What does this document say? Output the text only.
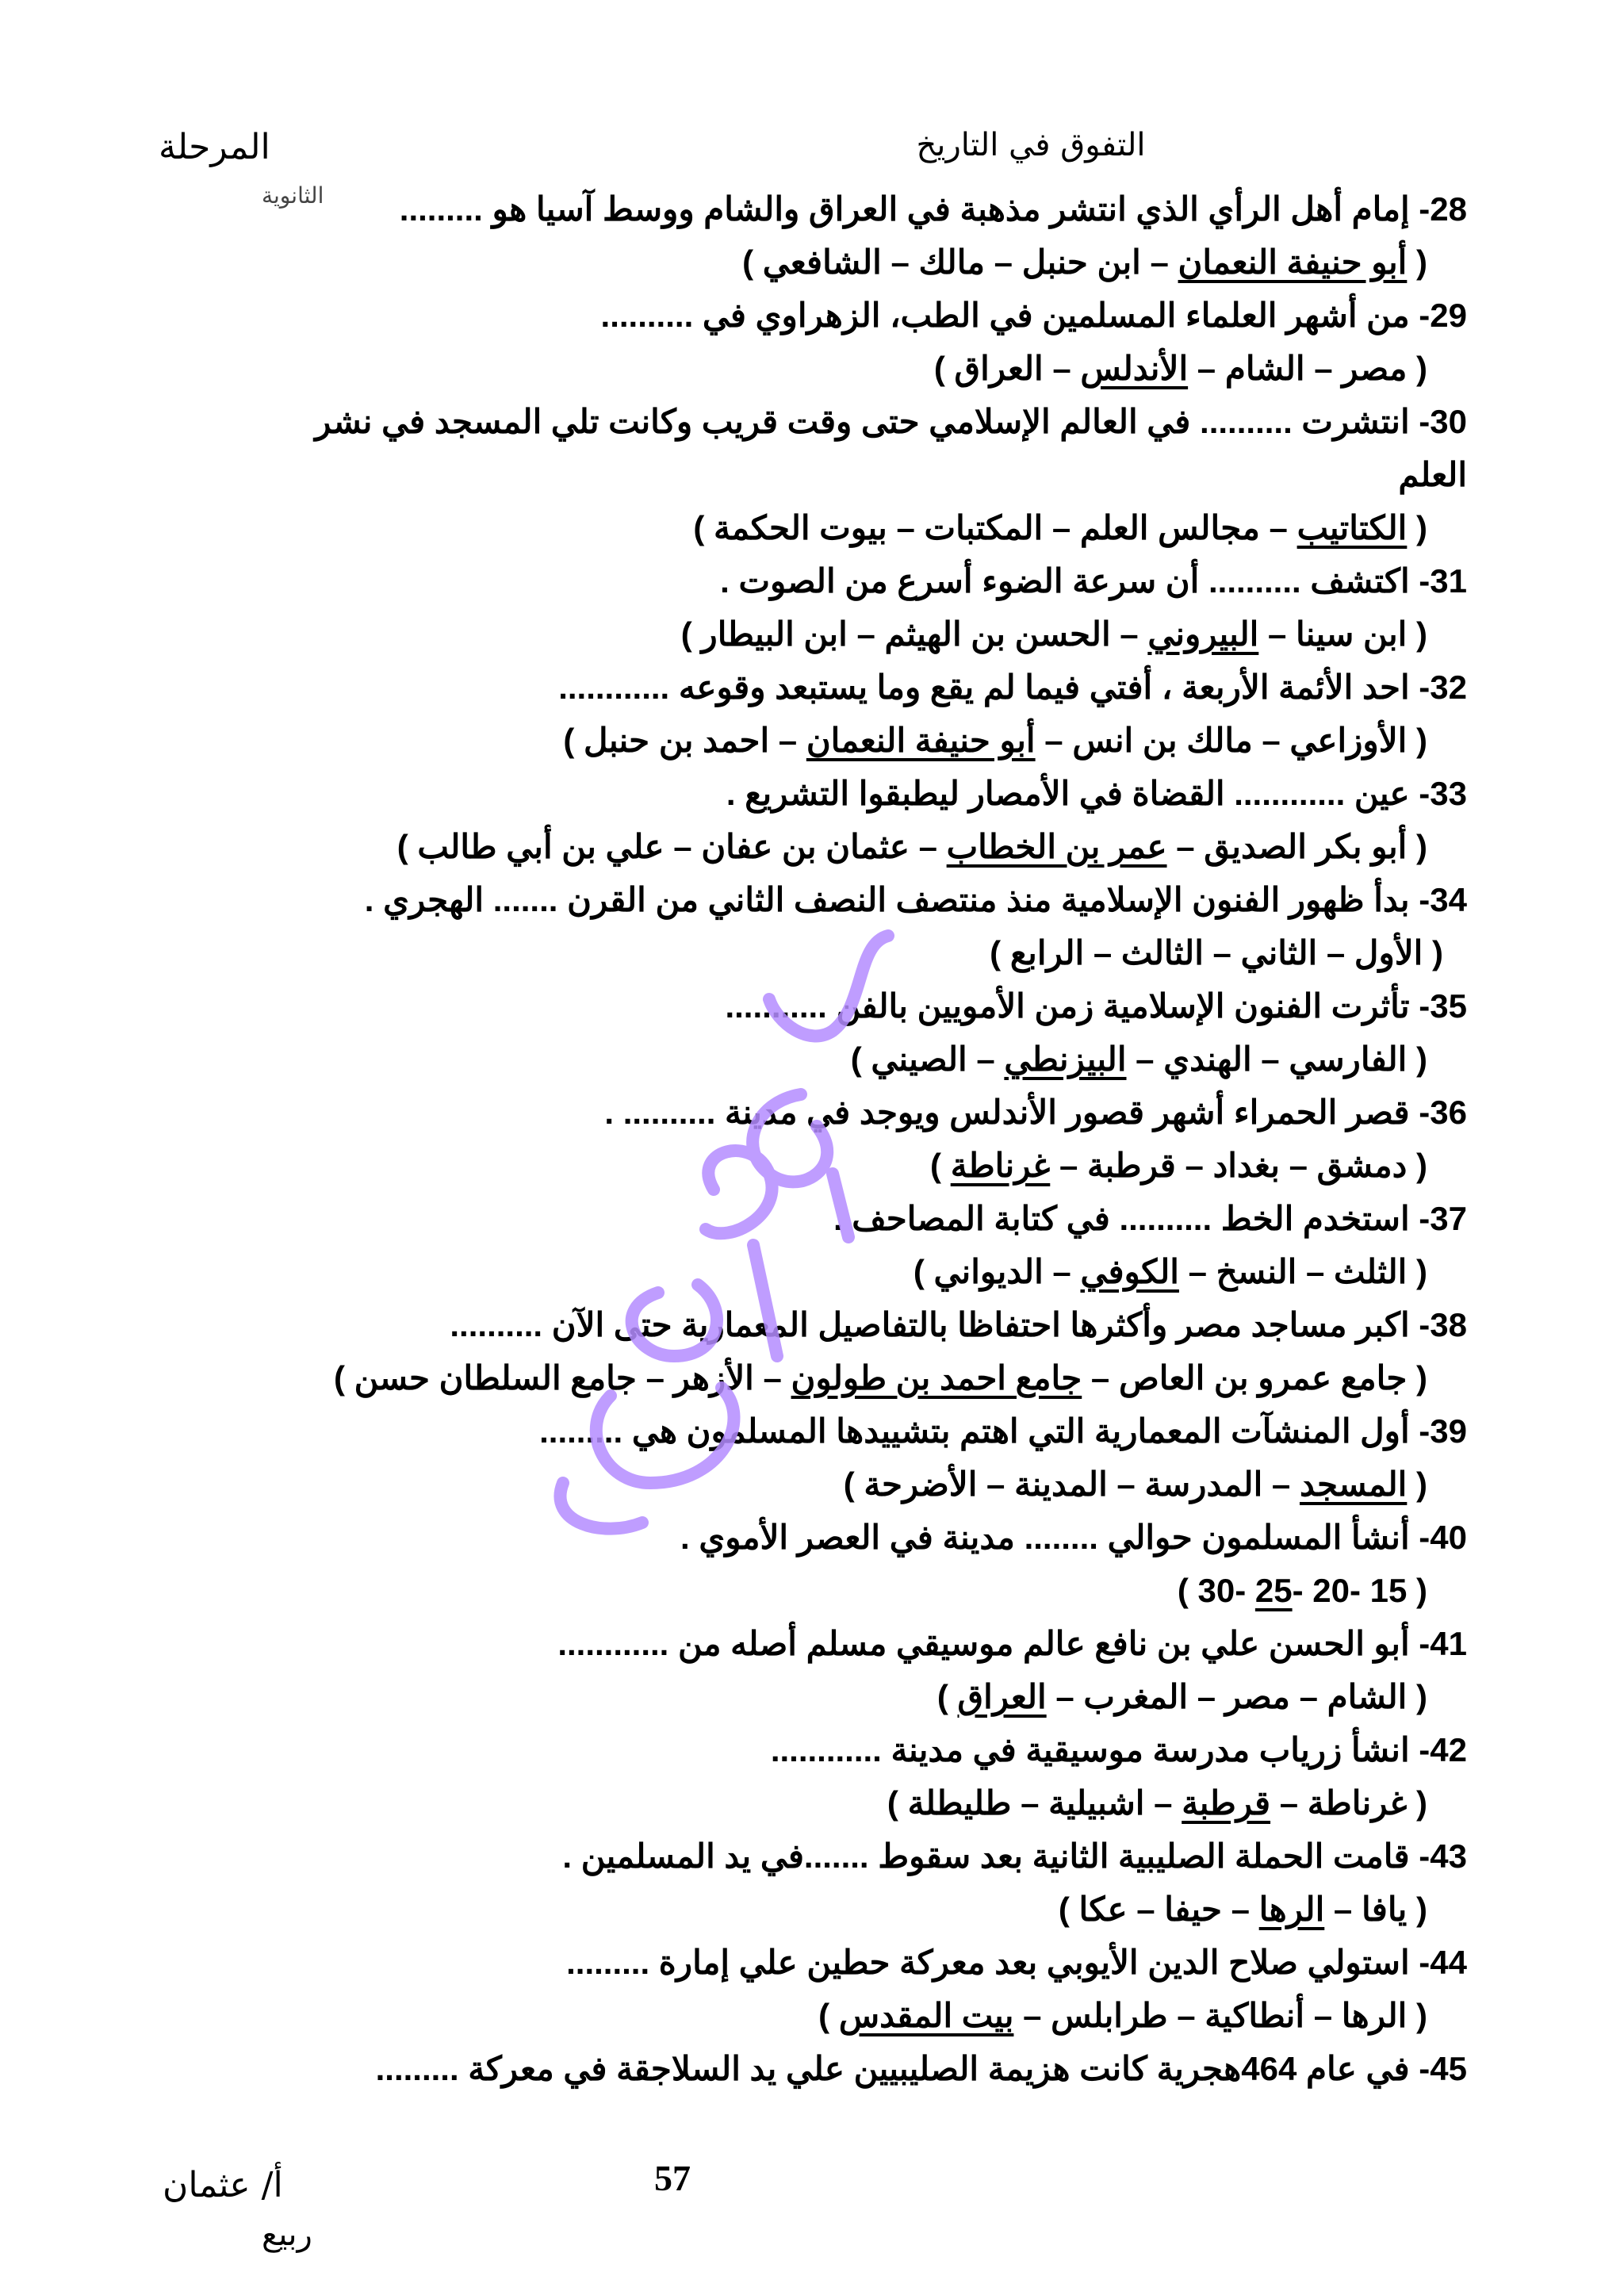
التفوق في التاريخ
المرحلة
الثانوية	28- إمام أهل الرأي الذي انتشر مذهبة في العراق والشام ووسط آسيا هو .........
( أبو حنيفة النعمان – ابن حنبل – مالك – الشافعي )
29- من أشهر العلماء المسلمين في الطب، الزهراوي في ..........
( مصر – الشام – الأندلس – العراق )
30- انتشرت .......... في العالم الإسلامي حتى وقت قريب وكانت تلي المسجد في نشر
العلم
( الكتاتيب – مجالس العلم – المكتبات – بيوت الحكمة )
31- اكتشف .......... أن سرعة الضوء أسرع من الصوت .
( ابن سينا – البيروني – الحسن بن الهيثم – ابن البيطار )
32- احد الأئمة الأربعة ، أفتي فيما لم يقع وما يستبعد وقوعه ............
( الأوزاعي – مالك بن انس – أبو حنيفة النعمان – احمد بن حنبل )
33- عين ............ القضاة في الأمصار ليطبقوا التشريع .
( أبو بكر الصديق – عمر بن الخطاب – عثمان بن عفان – علي بن أبي طالب )
34- بدأ ظهور الفنون الإسلامية منذ منتصف النصف الثاني من القرن ....... الهجري .
( الأول – الثاني – الثالث – الرابع )
35- تأثرت الفنون الإسلامية زمن الأمويين بالفن ...........
( الفارسي – الهندي – البيزنطي – الصيني )
36- قصر الحمراء أشهر قصور الأندلس ويوجد في مدينة .......... .
( دمشق – بغداد – قرطبة – غرناطة )
37- استخدم الخط .......... في كتابة المصاحف .
( الثلث – النسخ – الكوفي – الديواني )
38- اكبر مساجد مصر وأكثرها احتفاظا بالتفاصيل المعمارية حتى الآن ..........
( جامع عمرو بن العاص – جامع احمد بن طولون – الأزهر – جامع السلطان حسن )
39- أول المنشآت المعمارية التي اهتم بتشييدها المسلمون هي .........
( المسجد – المدرسة – المدينة – الأضرحة )
40- أنشأ المسلمون حوالي ........ مدينة في العصر الأموي .
( 15 -20 -25 -30 )
41- أبو الحسن علي بن نافع عالم موسيقي مسلم أصله من ............
( الشام – مصر – المغرب – العراق )
42- انشأ زرياب مدرسة موسيقية في مدينة ............
( غرناطة – قرطبة – اشبيلية – طليطلة )
43- قامت الحملة الصليبية الثانية بعد سقوط .......في يد المسلمين .
( يافا – الرها – حيفا – عكا )
44- استولي صلاح الدين الأيوبي بعد معركة حطين علي إمارة .........
( الرها – أنطاكية – طرابلس – بيت المقدس )
45- في عام 464هجرية كانت هزيمة الصليبيين علي يد السلاجقة في معركة .........
57
أ/ عثمان
ربيع
